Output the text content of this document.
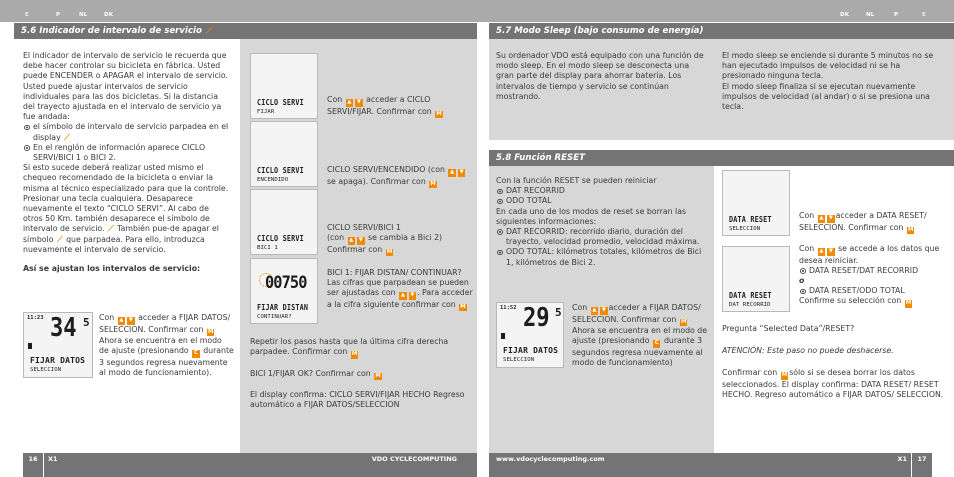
E	P	NL	DK	DK	NL	P	E
5.6 Indicador de intervalo de servicio ⟋	5.7 Modo Sleep (bajo consumo de energía)
5.8 Función RESET

El indicador de intervalo de servicio le recuerda que debe hacer controlar su bicicleta en fábrica. Usted puede ENCENDER o APAGAR el intervalo de servicio. Usted puede ajustar intervalos de servicio individuales para las dos bicicletas. Si la distancia del trayecto ajustada en el intervalo de servicio ya fue andada:

el símbolo de intervalo de servicio parpadea en el display ⟋

En el renglón de información aparece CICLO SERVI/BICI 1 o BICI 2.

Si esto sucede deberá realizar usted mismo el chequeo recomendado de la bicicleta o enviar la misma al técnico especializado para que la controle. Presionar una tecla cualquiera. Desaparece nuevamente el texto “CICLO SERVI”. Al cabo de otros 50 Km. también desaparece el símbolo de intervalo de servicio. ⟋ También pue-de apagar el símbolo ⟋ que parpadea. Para ello, introduzca nuevamente el intervalo de servicio.

Así se ajustan los intervalos de servicio:

11:23 34 5
FIJAR DATOS
SELECCION

Con ▲ ▼ acceder a FIJAR DATOS/ SELECCION. Confirmar con M Ahora se encuentra en el modo de ajuste (presionando C durante 3 segundos regresa nuevamente al modo de funcionamiento).

CICLO SERVI
FIJAR
Con ▲ ▼ acceder a CICLO SERVI/FIJAR. Confirmar con M
CICLO SERVI
ENCENDIDO
CICLO SERVI/ENCENDIDO (con ▲ ▼ se apaga). Confirmar con M
CICLO SERVI
BICI 1

CICLO SERVI/BICI 1

(con ▲ ▼ se cambia a Bici 2)

Confirmar con M

00750
FIJAR DISTAN
CONTINUAR?
BICI 1: FIJAR DISTAN/ CONTINUAR? Las cifras que parpadean se pueden ser ajustadas con ▲ ▼ . Para acceder a la cifra siguiente confirmar con M

Repetir los pasos hasta que la última cifra derecha parpadee. Confirmar con M

BICI 1/FIJAR OK? Confirmar con M

El display confirma: CICLO SERVI/FIJAR HECHO Regreso automático a FIJAR DATOS/SELECCION

Su ordenador VDO está equipado con una función de modo sleep. En el modo sleep se desconecta una gran parte del display para ahorrar batería. Los intervalos de tiempo y servicio se continúan mostrando.

El modo sleep se enciende si durante 5 minutos no se han ejecutado impulsos de velocidad ni se ha presionado ninguna tecla.

El modo sleep finaliza si se ejecutan nuevamente impulsos de velocidad (al andar) o si se presiona una tecla.

Con la función RESET se pueden reiniciar

DAT RECORRID

ODO TOTAL

En cada uno de los modos de reset se borran las siguientes informaciones:

DAT RECORRID: recorrido diario, duración del trayecto, velocidad promedio, velocidad máxima.

ODO TOTAL: kilómetros totales, kilómetros de Bici 1, kilómetros de Bici 2.

11:52 29 5
FIJAR DATOS
SELECCION
Con ▲ ▼ acceder a FIJAR DATOS/ SELECCION. Confirmar con M Ahora se encuentra en el modo de ajuste (presionando C durante 3 segundos regresa nuevamente al modo de funcionamiento)
DATA RESET
SELECCION
Con ▲ ▼ acceder a DATA RESET/ SELECCION. Confirmar con M
DATA RESET
DAT RECORRID

Con ▲ ▼ se accede a los datos que desea reiniciar.

DATA RESET/DAT RECORRID

o

DATA RESET/ODO TOTAL

Confirme su selección con M

Pregunta “Selected Data”/RESET?

ATENCIÓN: Este paso no puede deshacerse.

Confirmar con M sólo si se desea borrar los datos seleccionados. El display confirma: DATA RESET/ RESET HECHO. Regreso automático a FIJAR DATOS/ SELECCION.

16	X1	VDO CYCLECOMPUTING	www.vdocyclecomputing.com	X1	17
